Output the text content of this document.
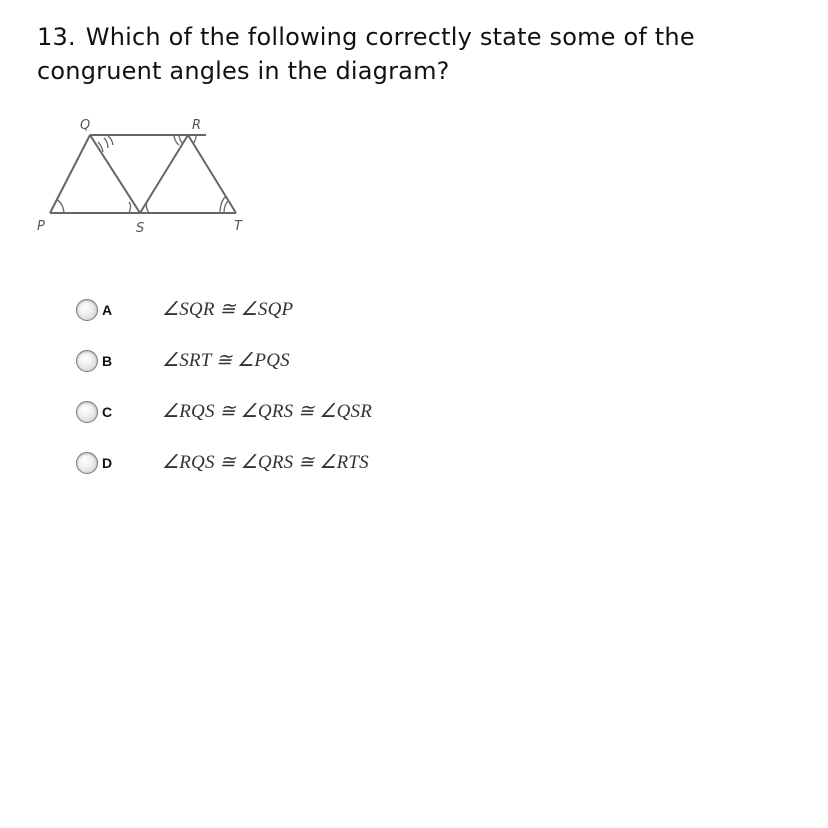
13. Which of the following correctly state some of the congruent angles in the diagram?
Q	R
P	S	T
A	∠SQR ≅ ∠SQP
B	∠SRT ≅ ∠PQS
C	∠RQS ≅ ∠QRS ≅ ∠QSR
D	∠RQS ≅ ∠QRS ≅ ∠RTS
